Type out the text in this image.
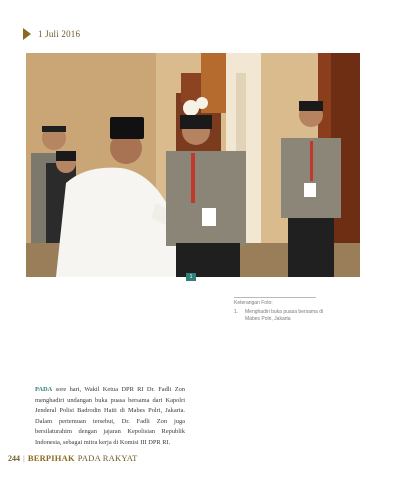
1 Juli 2016
1
Keterangan Foto:
1. Menghadiri buka puasa bersama di Mabes Polri, Jakarta
PADA sore hari, Wakil Ketua DPR RI Dr. Fadli Zon menghadiri undangan buka puasa bersama dari Kapolri Jenderal Polisi Badrodin Haiti di Mabes Polri, Jakarta. Dalam pertemuan tersebut, Dr. Fadli Zon juga bersilaturahim dengan jajaran Kepolisian Republik Indonesia, sebagai mitra kerja di Komisi III DPR RI.
244 | BERPIHAK PADA RAKYAT
